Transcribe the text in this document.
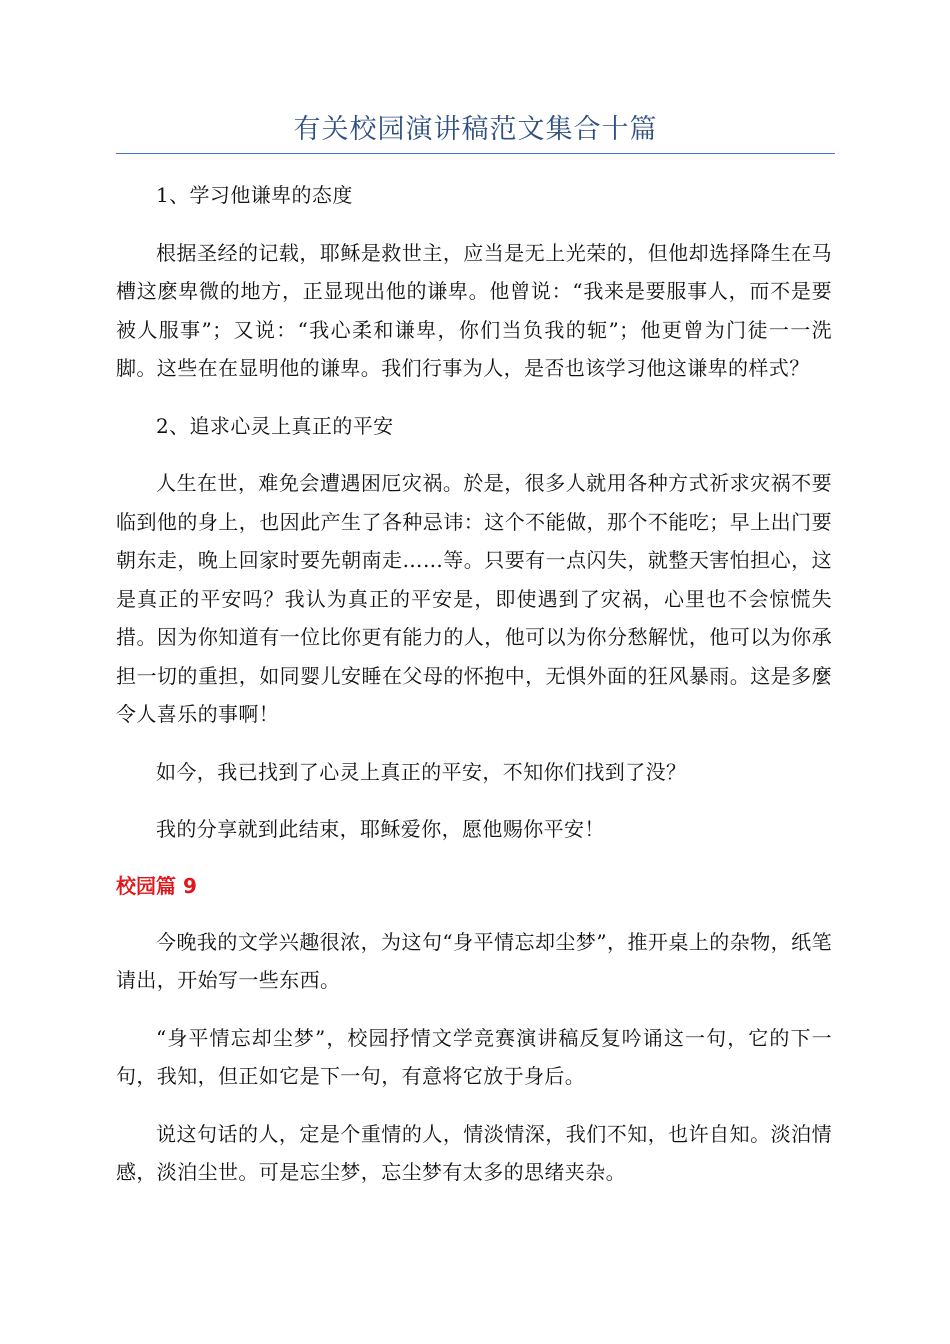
有关校园演讲稿范文集合十篇

1、学习他谦卑的态度

根据圣经的记载，耶稣是救世主，应当是无上光荣的，但他却选择降生在马槽这麽卑微的地方，正显现出他的谦卑。他曾说：“我来是要服事人，而不是要被人服事”；又说：“我心柔和谦卑，你们当负我的轭”；他更曾为门徒一一洗脚。这些在在显明他的谦卑。我们行事为人，是否也该学习他这谦卑的样式？

2、追求心灵上真正的平安

人生在世，难免会遭遇困厄灾祸。於是，很多人就用各种方式祈求灾祸不要临到他的身上，也因此产生了各种忌讳：这个不能做，那个不能吃；早上出门要朝东走，晚上回家时要先朝南走……等。只要有一点闪失，就整天害怕担心，这是真正的平安吗？我认为真正的平安是，即使遇到了灾祸，心里也不会惊慌失措。因为你知道有一位比你更有能力的人，他可以为你分愁解忧，他可以为你承担一切的重担，如同婴儿安睡在父母的怀抱中，无惧外面的狂风暴雨。这是多麼令人喜乐的事啊！

如今，我已找到了心灵上真正的平安，不知你们找到了没？

我的分享就到此结束，耶稣爱你，愿他赐你平安！

校园篇 9

今晚我的文学兴趣很浓，为这句“身平情忘却尘梦”，推开桌上的杂物，纸笔请出，开始写一些东西。

“身平情忘却尘梦”，校园抒情文学竞赛演讲稿反复吟诵这一句，它的下一句，我知，但正如它是下一句，有意将它放于身后。

说这句话的人，定是个重情的人，情淡情深，我们不知，也许自知。淡泊情感，淡泊尘世。可是忘尘梦，忘尘梦有太多的思绪夹杂。
